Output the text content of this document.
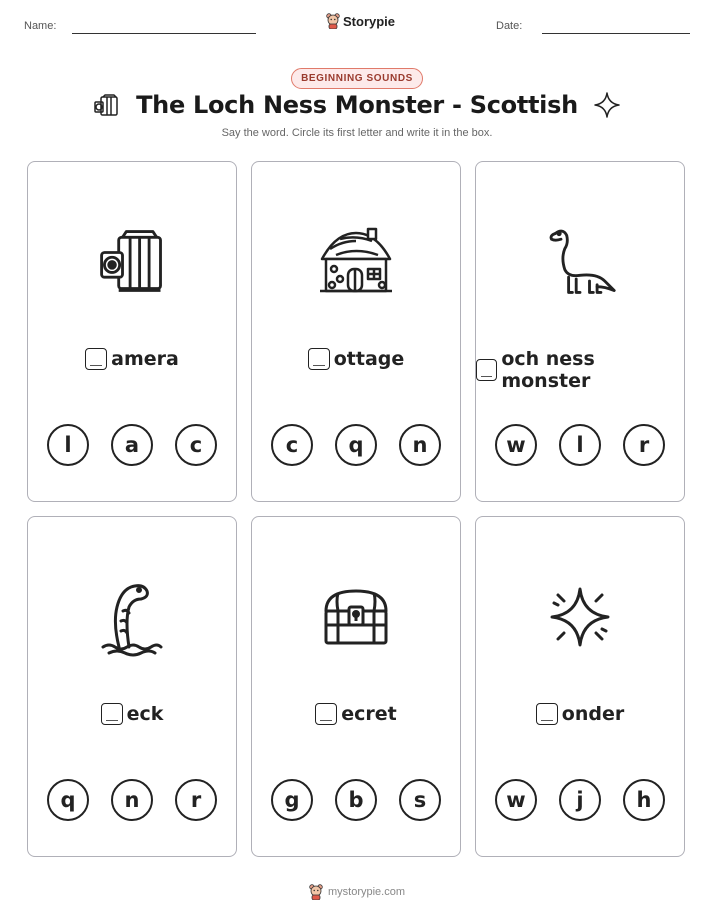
Name:	Storypie	Date:
BEGINNING SOUNDS
The Loch Ness Monster - Scottish
Say the word. Circle its first letter and write it in the box.
amera
l	a	c
ottage
c	q	n
och ness monster
w	l	r
eck
q	n	r
ecret
g	b	s
onder
w	j	h
mystorypie.com
